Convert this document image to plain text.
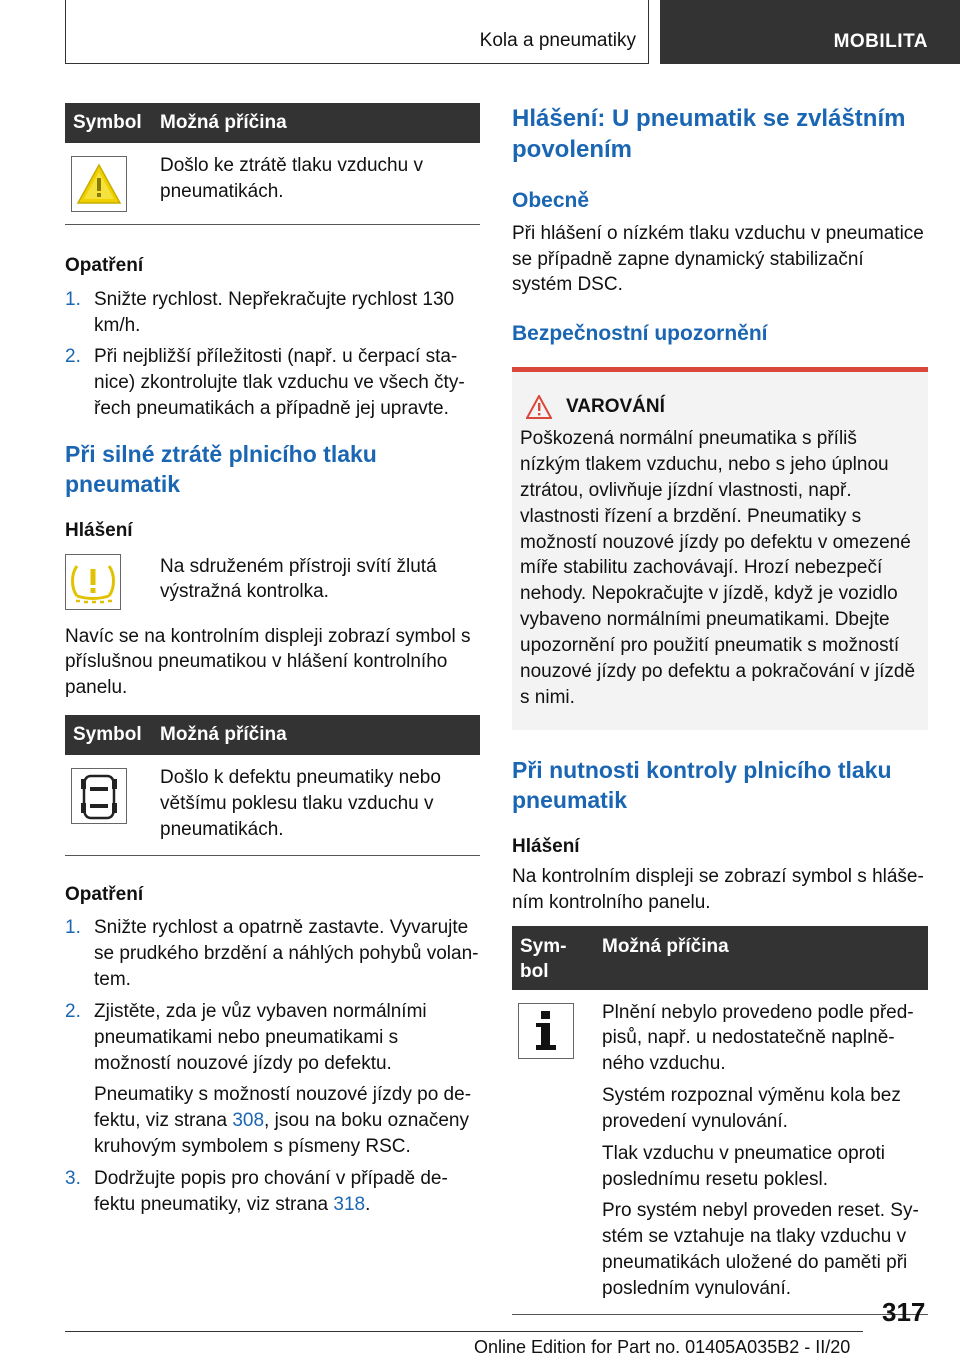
Kola a pneumatiky	MOBILITA
Symbol Možná příčina
Došlo ke ztrátě tlaku vzduchu v pneumatikách.

Opatření

1. Snižte rychlost. Nepřekračujte rychlost 130 km/h.
2. Při nejbližší příležitosti (např. u čerpací stanice) zkontrolujte tlak vzduchu ve všech čtyřech pneumatikách a případně jej upravte.
Při silné ztrátě plnicího tlaku pneumatik

Hlášení

Na sdruženém přístroji svítí žlutá výstražná kontrolka.

Navíc se na kontrolním displeji zobrazí symbol s příslušnou pneumatikou v hlášení kontrolního panelu.

Symbol Možná příčina
Došlo k defektu pneumatiky nebo většímu poklesu tlaku vzduchu v pneumatikách.

Opatření

1. Snižte rychlost a opatrně zastavte. Vyvarujte se prudkého brzdění a náhlých pohybů volantem.
2. Zjistěte, zda je vůz vybaven normálními pneumatikami nebo pneumatikami s možností nouzové jízdy po defektu.

Pneumatiky s možností nouzové jízdy po defektu, viz strana 308, jsou na boku označeny kruhovým symbolem s písmeny RSC.

3. Dodržujte popis pro chování v případě defektu pneumatiky, viz strana 318.
Hlášení: U pneumatik se zvláštním povolením
Obecně

Při hlášení o nízkém tlaku vzduchu v pneumatice se případně zapne dynamický stabilizační systém DSC.

Bezpečnostní upozornění
VAROVÁNÍ
Poškozená normální pneumatika s příliš nízkým tlakem vzduchu, nebo s jeho úplnou ztrátou, ovlivňuje jízdní vlastnosti, např. vlastnosti řízení a brzdění. Pneumatiky s možností nouzové jízdy po defektu v omezené míře stabilitu zachovávají. Hrozí nebezpečí nehody. Nepokračujte v jízdě, když je vozidlo vybaveno normálními pneumatikami. Dbejte upozornění pro použití pneumatik s možností nouzové jízdy po defektu a pokračování v jízdě s nimi.
Při nutnosti kontroly plnicího tlaku pneumatik

Hlášení

Na kontrolním displeji se zobrazí symbol s hlášením kontrolního panelu.

Symbol
Možná příčina

Plnění nebylo provedeno podle předpisů, např. u nedostatečně naplněného vzduchu.

Systém rozpoznal výměnu kola bez provedení vynulování.

Tlak vzduchu v pneumatice oproti poslednímu resetu poklesl.

Pro systém nebyl proveden reset. Systém se vztahuje na tlaky vzduchu v pneumatikách uložené do paměti při posledním vynulování.

317
Online Edition for Part no. 01405A035B2 - II/20
